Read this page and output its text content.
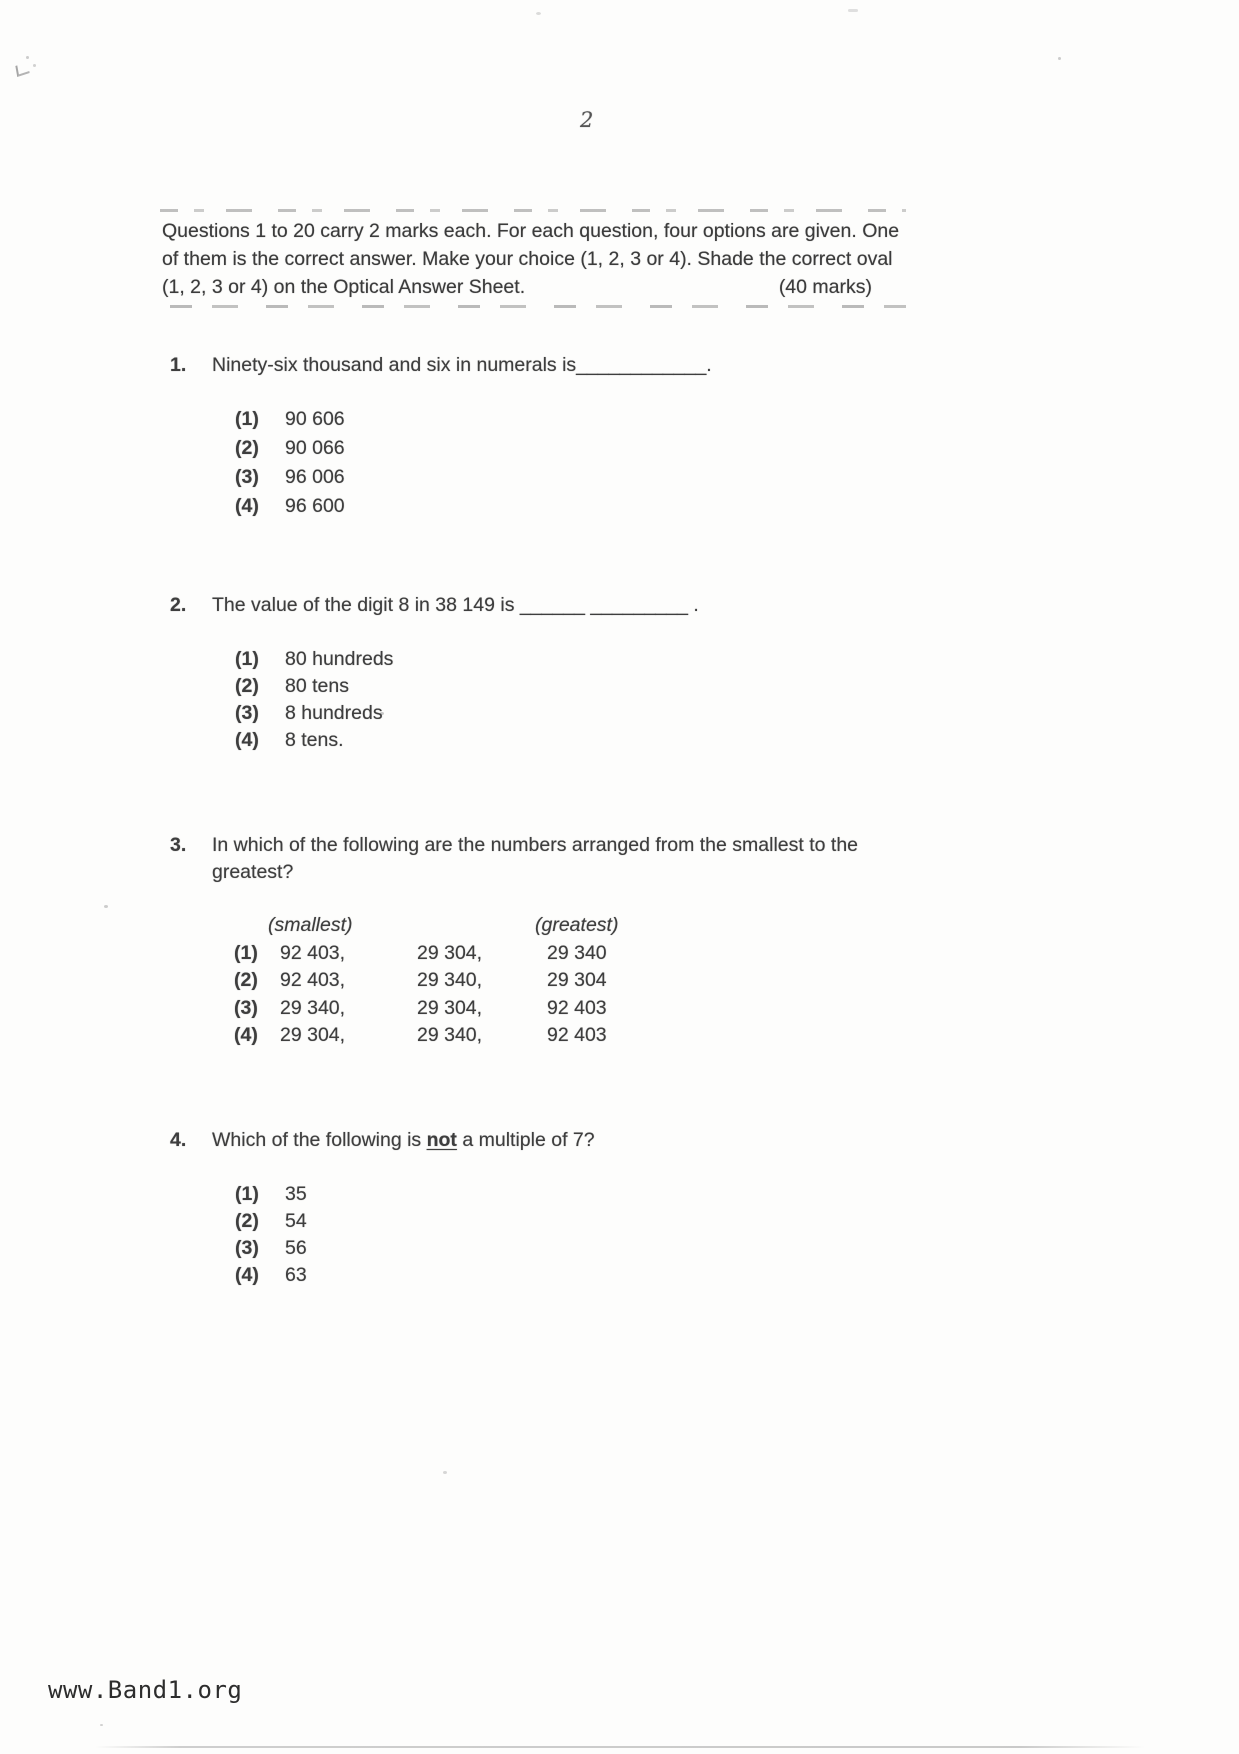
2

Questions 1 to 20 carry 2 marks each. For each question, four options are given. One

of them is the correct answer. Make your choice (1, 2, 3 or 4). Shade the correct oval

(1, 2, 3 or 4) on the Optical Answer Sheet.	(40 marks)

1.	Ninety-six thousand and six in numerals is____________.

(1)	90 606
(2)	90 066
(3)	96 006
(4)	96 600
2.	The value of the digit 8 in 38 149 is ______ _________ .

(1)	80 hundreds
(2)	80 tens
(3)	8 hundreds
(4)	8 tens.
3.	In which of the following are the numbers arranged from the smallest to the

greatest?

(smallest)	(greatest)
(1)	92 403,	29 304,	29 340
(2)	92 403,	29 340,	29 304
(3)	29 340,	29 304,	92 403
(4)	29 304,	29 340,	92 403
4.	Which of the following is not a multiple of 7?

(1)	35
(2)	54
(3)	56
(4)	63
www.Band1.org
